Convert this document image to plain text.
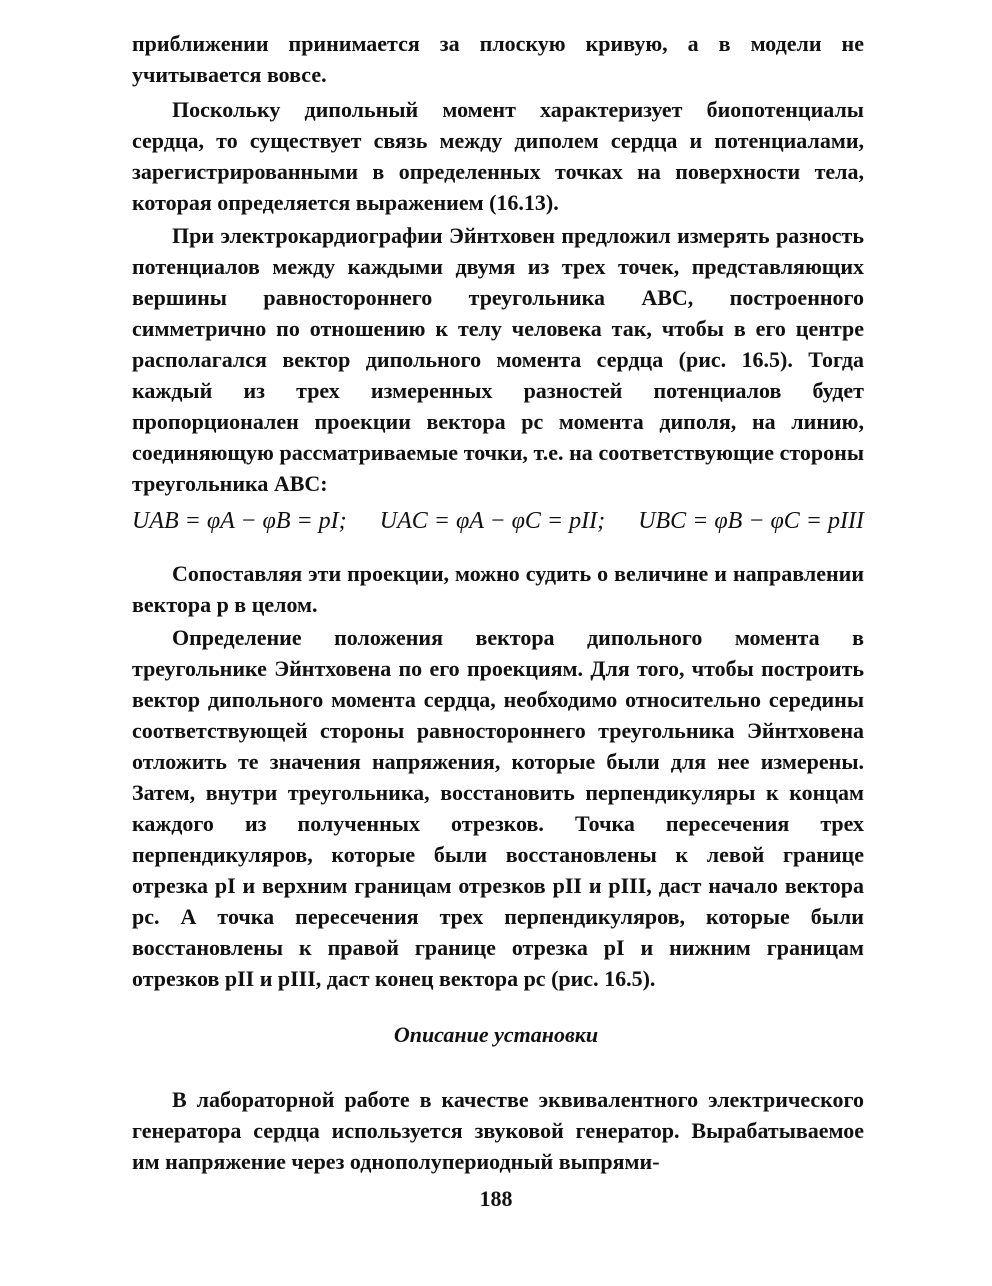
приближении принимается за плоскую кривую, а в модели не учитывается вовсе.

Поскольку дипольный момент характеризует биопотенциалы сердца, то существует связь между диполем сердца и потенциалами, зарегистрированными в определенных точках на поверхности тела, которая определяется выражением (16.13).

При электрокардиографии Эйнтховен предложил измерять разность потенциалов между каждыми двумя из трех точек, представляющих вершины равностороннего треугольника ABC, построенного симметрично по отношению к телу человека так, чтобы в его центре располагался вектор дипольного момента сердца (рис. 16.5). Тогда каждый из трех измеренных разностей потенциалов будет пропорционален проекции вектора pc момента диполя, на линию, соединяющую рассматриваемые точки, т.е. на соответствующие стороны треугольника ABC:

UAB = φA − φB = pI; UAC = φA − φC = pII; UBC = φB − φC = pIII

Сопоставляя эти проекции, можно судить о величине и направлении вектора p в целом.

Определение положения вектора дипольного момента в треугольнике Эйнтховена по его проекциям. Для того, чтобы построить вектор дипольного момента сердца, необходимо относительно середины соответствующей стороны равностороннего треугольника Эйнтховена отложить те значения напряжения, которые были для нее измерены. Затем, внутри треугольника, восстановить перпендикуляры к концам каждого из полученных отрезков. Точка пересечения трех перпендикуляров, которые были восстановлены к левой границе отрезка pI и верхним границам отрезков pII и pIII, даст начало вектора pc. А точка пересечения трех перпендикуляров, которые были восстановлены к правой границе отрезка pI и нижним границам отрезков pII и pIII, даст конец вектора pc (рис. 16.5).

Описание установки

В лабораторной работе в качестве эквивалентного электрического генератора сердца используется звуковой генератор. Вырабатываемое им напряжение через однополупериодный выпрями-

188
